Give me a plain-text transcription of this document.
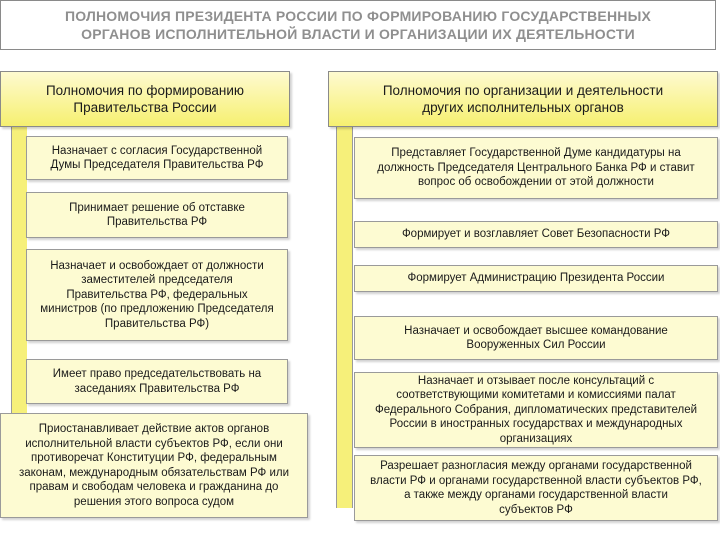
ПОЛНОМОЧИЯ ПРЕЗИДЕНТА РОССИИ ПО ФОРМИРОВАНИЮ ГОСУДАРСТВЕННЫХ
ОРГАНОВ ИСПОЛНИТЕЛЬНОЙ ВЛАСТИ И ОРГАНИЗАЦИИ ИХ ДЕЯТЕЛЬНОСТИ
Полномочия по формированию
Правительства России
Назначает с согласия Государственной
Думы Председателя Правительства РФ
Принимает решение об отставке
Правительства РФ
Назначает и освобождает от должности
заместителей председателя
Правительства РФ, федеральных
министров (по предложению Председателя
Правительства РФ)
Имеет право председательствовать на
заседаниях Правительства РФ
Приостанавливает действие актов органов
исполнительной власти субъектов РФ, если они
противоречат Конституции РФ, федеральным
законам, международным обязательствам РФ или
правам и свободам человека и гражданина до
решения этого вопроса судом
Полномочия по организации и деятельности
других исполнительных органов
Представляет Государственной Думе кандидатуры на
должность Председателя Центрального Банка РФ и ставит
вопрос об освобождении от этой должности
Формирует и возглавляет Совет Безопасности РФ
Формирует Администрацию Президента России
Назначает и освобождает высшее командование
Вооруженных Сил России
Назначает и отзывает после консультаций с
соответствующими комитетами и комиссиями палат
Федерального Собрания, дипломатических представителей
России в иностранных государствах и международных
организациях
Разрешает разногласия между органами государственной
власти РФ и органами государственной власти субъектов РФ,
а также между органами государственной власти
субъектов РФ
